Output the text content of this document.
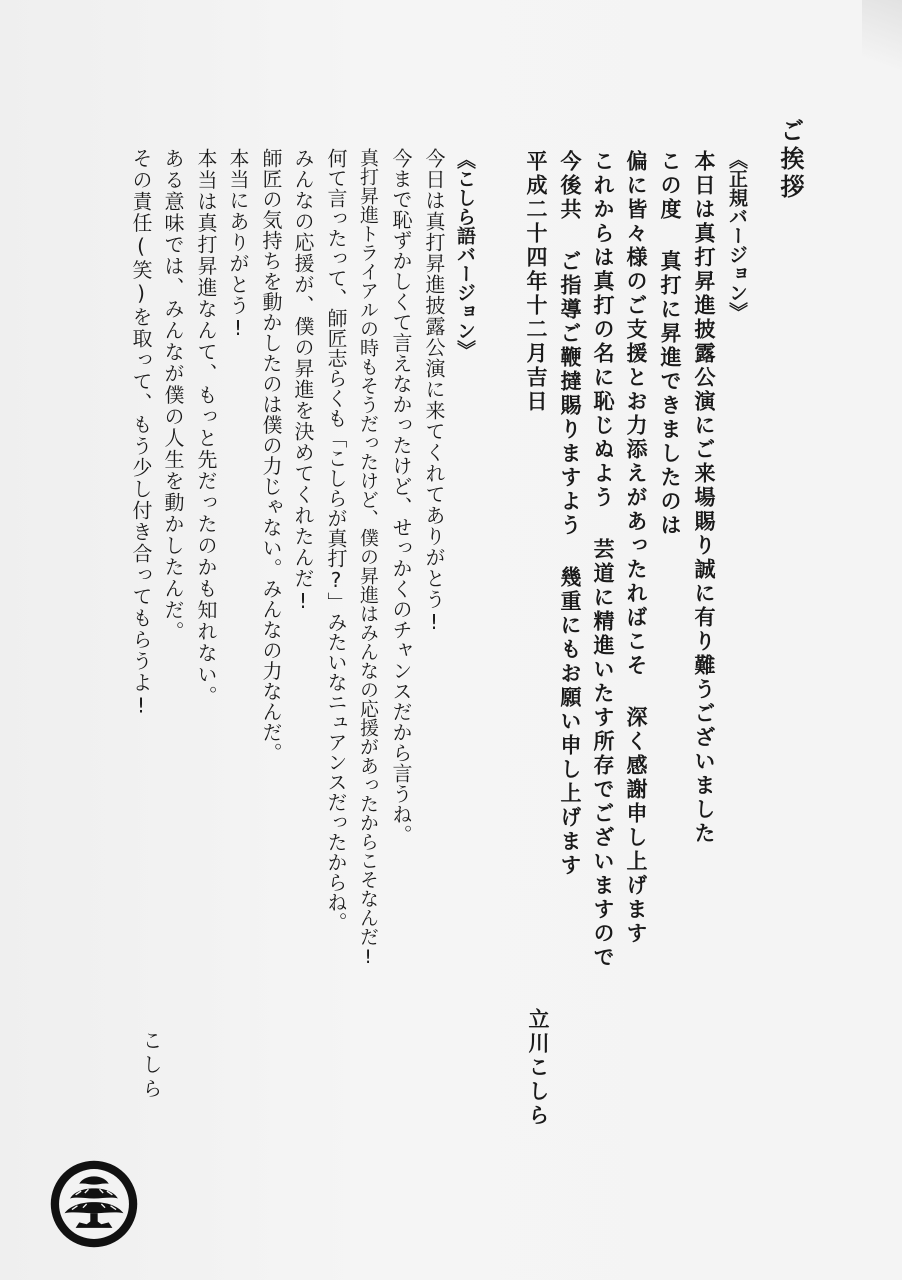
ご挨拶
《正規バージョン》
本日は真打昇進披露公演にご来場賜り誠に有り難うございました
この度 真打に昇進できましたのは
偏に皆々様のご支援とお力添えがあったればこそ 深く感謝申し上げます
これからは真打の名に恥じぬよう 芸道に精進いたす所存でございますので
今後共 ご指導ご鞭撻賜りますよう 幾重にもお願い申し上げます
平成二十四年十二月吉日
立川こしら
《こしら語バージョン》
今日は真打昇進披露公演に来てくれてありがとう!
今まで恥ずかしくて言えなかったけど、せっかくのチャンスだから言うね。
真打昇進トライアルの時もそうだったけど、僕の昇進はみんなの応援があったからこそなんだ!
何て言ったって、師匠志らくも「こしらが真打?」みたいなニュアンスだったからね。
みんなの応援が、僕の昇進を決めてくれたんだ!
師匠の気持ちを動かしたのは僕の力じゃない。みんなの力なんだ。
本当にありがとう!
本当は真打昇進なんて、もっと先だったのかも知れない。
ある意味では、みんなが僕の人生を動かしたんだ。
その責任(笑)を取って、もう少し付き合ってもらうよ!
こしら
